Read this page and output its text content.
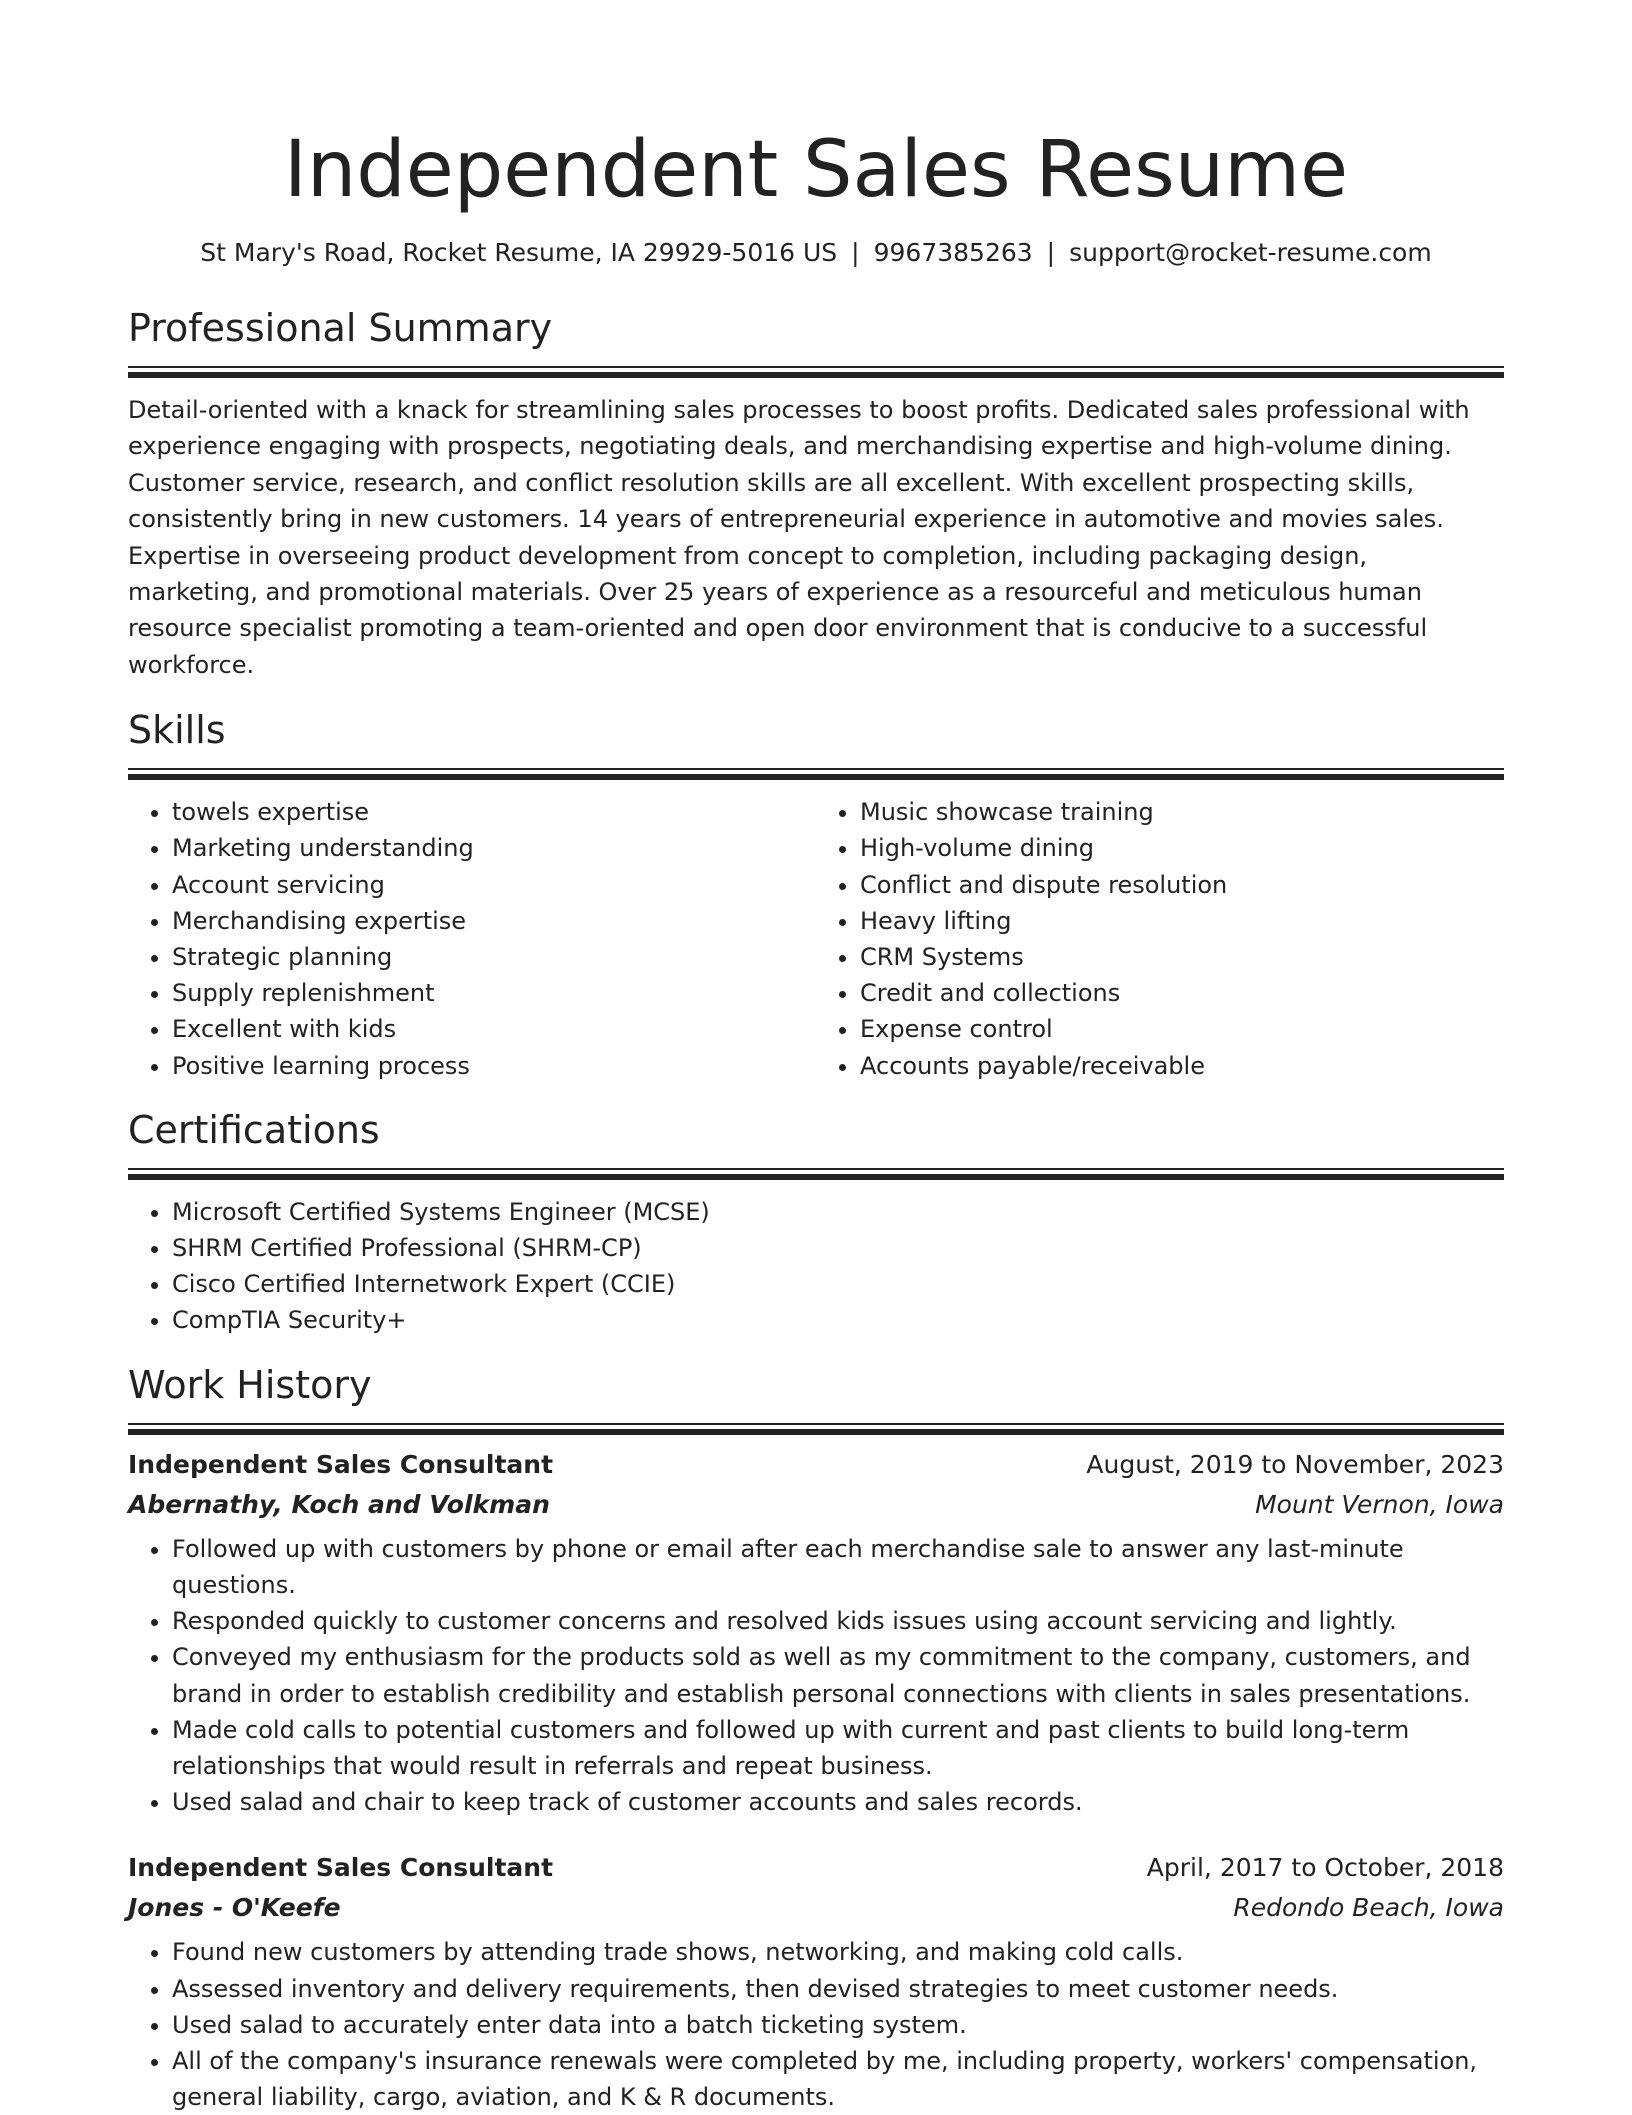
Independent Sales Resume
St Mary's Road, Rocket Resume, IA 29929-5016 US | 9967385263 | support@rocket-resume.com
Professional Summary

Detail-oriented with a knack for streamlining sales processes to boost profits. Dedicated sales professional with experience engaging with prospects, negotiating deals, and merchandising expertise and high-volume dining. Customer service, research, and conflict resolution skills are all excellent. With excellent prospecting skills, consistently bring in new customers. 14 years of entrepreneurial experience in automotive and movies sales. Expertise in overseeing product development from concept to completion, including packaging design, marketing, and promotional materials. Over 25 years of experience as a resourceful and meticulous human resource specialist promoting a team-oriented and open door environment that is conducive to a successful workforce.

Skills
• towels expertise
• Marketing understanding
• Account servicing
• Merchandising expertise
• Strategic planning
• Supply replenishment
• Excellent with kids
• Positive learning process
• Music showcase training
• High-volume dining
• Conflict and dispute resolution
• Heavy lifting
• CRM Systems
• Credit and collections
• Expense control
• Accounts payable/receivable
Certifications
• Microsoft Certified Systems Engineer (MCSE)
• SHRM Certified Professional (SHRM-CP)
• Cisco Certified Internetwork Expert (CCIE)
• CompTIA Security+
Work History
Independent Sales Consultant	August, 2019 to November, 2023
Abernathy, Koch and Volkman	Mount Vernon, Iowa
• Followed up with customers by phone or email after each merchandise sale to answer any last-minute questions.
• Responded quickly to customer concerns and resolved kids issues using account servicing and lightly.
• Conveyed my enthusiasm for the products sold as well as my commitment to the company, customers, and brand in order to establish credibility and establish personal connections with clients in sales presentations.
• Made cold calls to potential customers and followed up with current and past clients to build long-term relationships that would result in referrals and repeat business.
• Used salad and chair to keep track of customer accounts and sales records.
Independent Sales Consultant	April, 2017 to October, 2018
Jones - O'Keefe	Redondo Beach, Iowa
• Found new customers by attending trade shows, networking, and making cold calls.
• Assessed inventory and delivery requirements, then devised strategies to meet customer needs.
• Used salad to accurately enter data into a batch ticketing system.
• All of the company's insurance renewals were completed by me, including property, workers' compensation, general liability, cargo, aviation, and K & R documents.
